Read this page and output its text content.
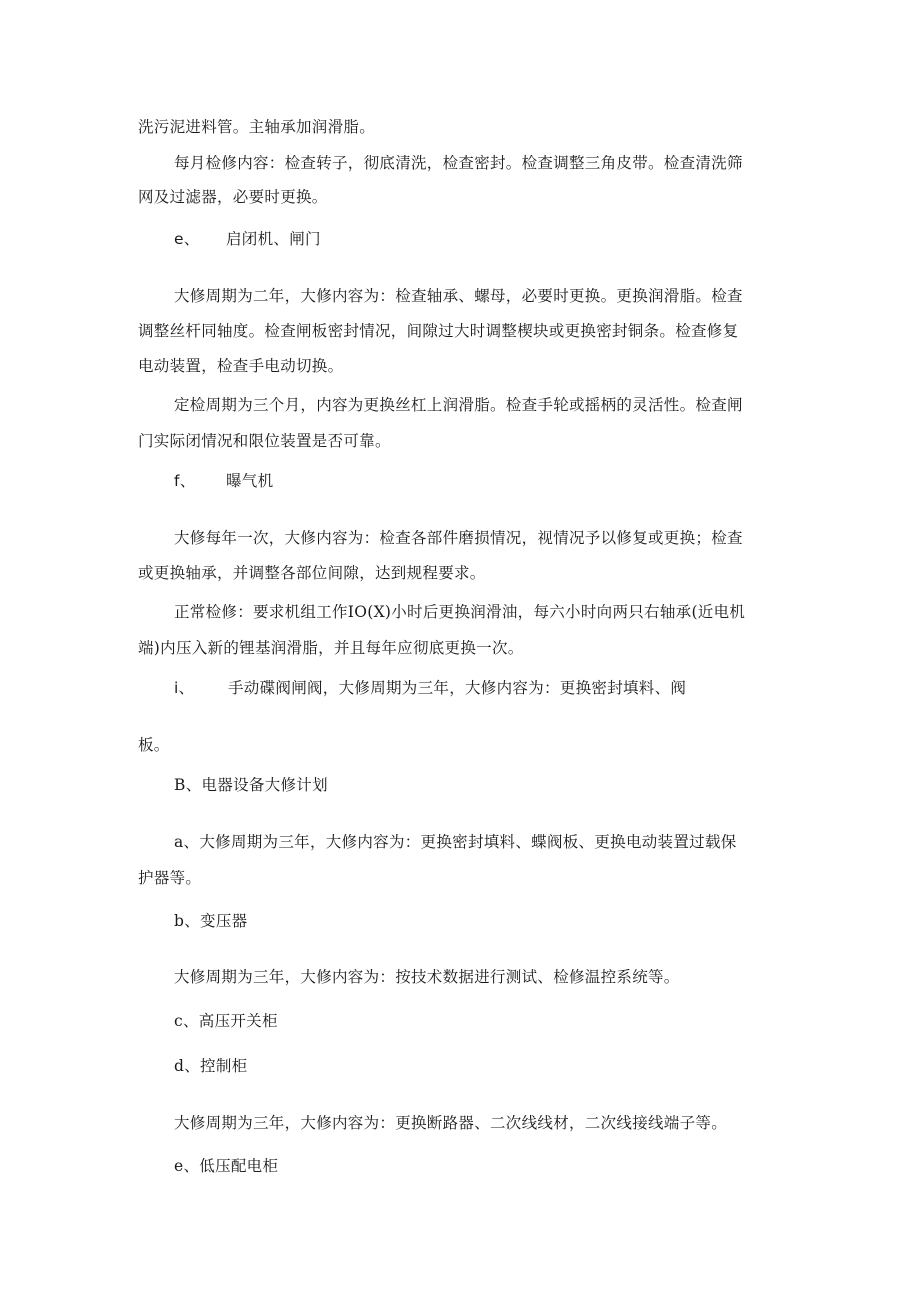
洗污泥进料管。主轴承加润滑脂。
每月检修内容：检查转子，彻底清洗，检查密封。检查调整三角皮带。检查清洗筛
网及过滤器，必要时更换。
e、 启闭机、闸门
大修周期为二年，大修内容为：检查轴承、螺母，必要时更换。更换润滑脂。检查
调整丝杆同轴度。检查闸板密封情况，间隙过大时调整楔块或更换密封铜条。检查修复
电动装置，检查手电动切换。
定检周期为三个月，内容为更换丝杠上润滑脂。检查手轮或摇柄的灵活性。检查闸
门实际闭情况和限位装置是否可靠。
f、 曝气机
大修每年一次，大修内容为：检查各部件磨损情况，视情况予以修复或更换；检查
或更换轴承，并调整各部位间隙，达到规程要求。
正常检修：要求机组工作IO(X)小时后更换润滑油，每六小时向两只右轴承(近电机
端)内压入新的锂基润滑脂，并且每年应彻底更换一次。
i、 手动碟阀闸阀，大修周期为三年，大修内容为：更换密封填料、阀
板。
B、电器设备大修计划
a、大修周期为三年，大修内容为：更换密封填料、蝶阀板、更换电动装置过载保
护器等。
b、变压器
大修周期为三年，大修内容为：按技术数据进行测试、检修温控系统等。
c、高压开关柜
d、控制柜
大修周期为三年，大修内容为：更换断路器、二次线线材，二次线接线端子等。
e、低压配电柜
